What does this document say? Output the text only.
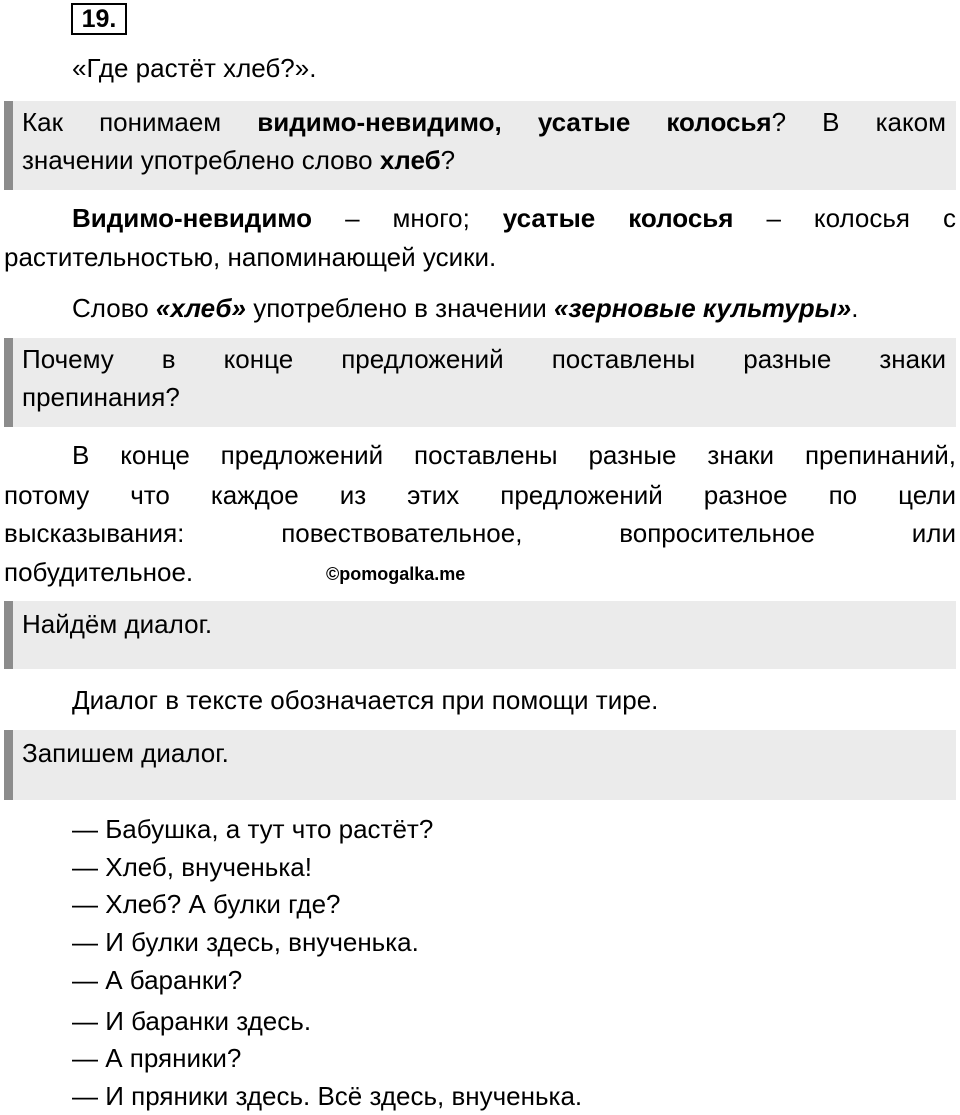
19.
«Где растёт хлеб?».
Как понимаем видимо-невидимо, усатые колосья? В каком
значении употреблено слово хлеб?
Видимо-невидимо – много; усатые колосья – колосья с
растительностью, напоминающей усики.
Слово «хлеб» употреблено в значении «зерновые культуры».
Почему в конце предложений поставлены разные знаки
препинания?
В конце предложений поставлены разные знаки препинаний,
потому что каждое из этих предложений разное по цели
высказывания: повествовательное, вопросительное или
побудительное.	©pomogalka.me
Найдём диалог.
Диалог в тексте обозначается при помощи тире.
Запишем диалог.
— Бабушка, а тут что растёт?
— Хлеб, внученька!
— Хлеб? А булки где?
— И булки здесь, внученька.
— А баранки?
— И баранки здесь.
— А пряники?
— И пряники здесь. Всё здесь, внученька.
